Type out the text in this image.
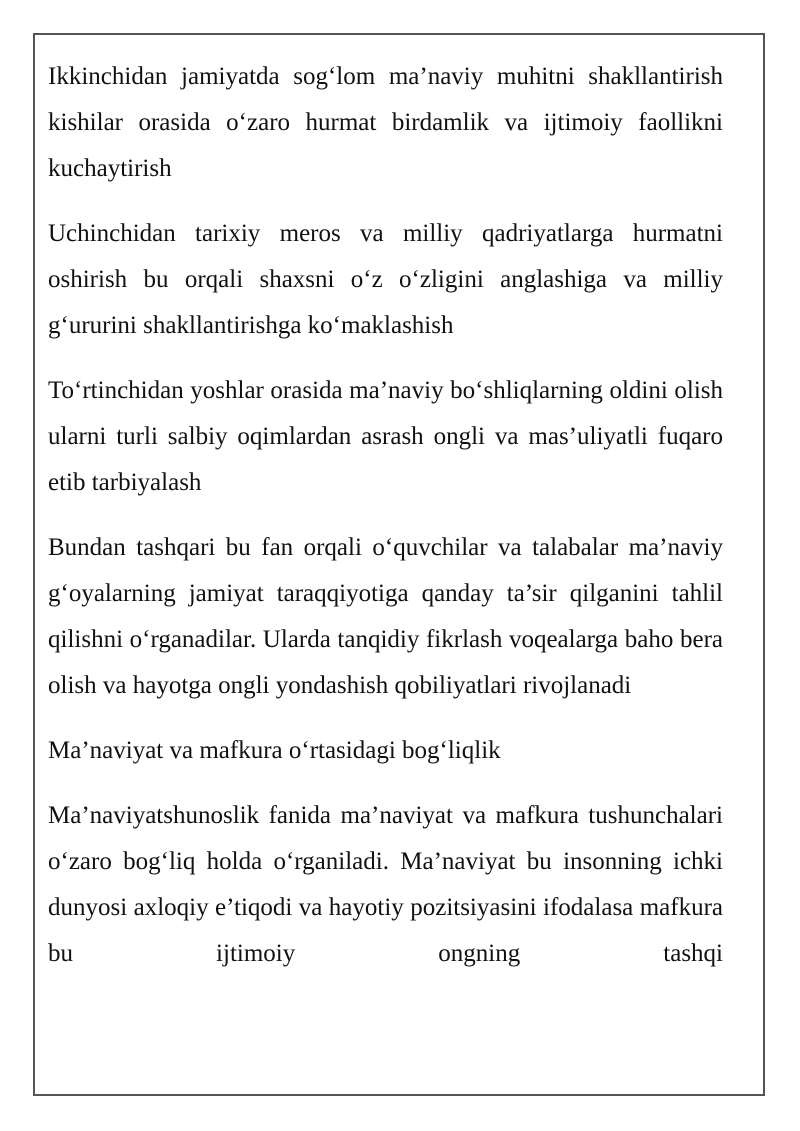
Ikkinchidan jamiyatda sog‘lom ma’naviy muhitni shakllantirish kishilar orasida o‘zaro hurmat birdamlik va ijtimoiy faollikni kuchaytirish

Uchinchidan tarixiy meros va milliy qadriyatlarga hurmatni oshirish bu orqali shaxsni o‘z o‘zligini anglashiga va milliy g‘ururini shakllantirishga ko‘maklashish

To‘rtinchidan yoshlar orasida ma’naviy bo‘shliqlarning oldini olish ularni turli salbiy oqimlardan asrash ongli va mas’uliyatli fuqaro etib tarbiyalash

Bundan tashqari bu fan orqali o‘quvchilar va talabalar ma’naviy g‘oyalarning jamiyat taraqqiyotiga qanday ta’sir qilganini tahlil qilishni o‘rganadilar. Ularda tanqidiy fikrlash voqealarga baho bera olish va hayotga ongli yondashish qobiliyatlari rivojlanadi

Ma’naviyat va mafkura o‘rtasidagi bog‘liqlik

Ma’naviyatshunoslik fanida ma’naviyat va mafkura tushunchalari o‘zaro bog‘liq holda o‘rganiladi. Ma’naviyat bu insonning ichki dunyosi axloqiy e’tiqodi va hayotiy pozitsiyasini ifodalasa mafkura bu ijtimoiy ongning tashqi
